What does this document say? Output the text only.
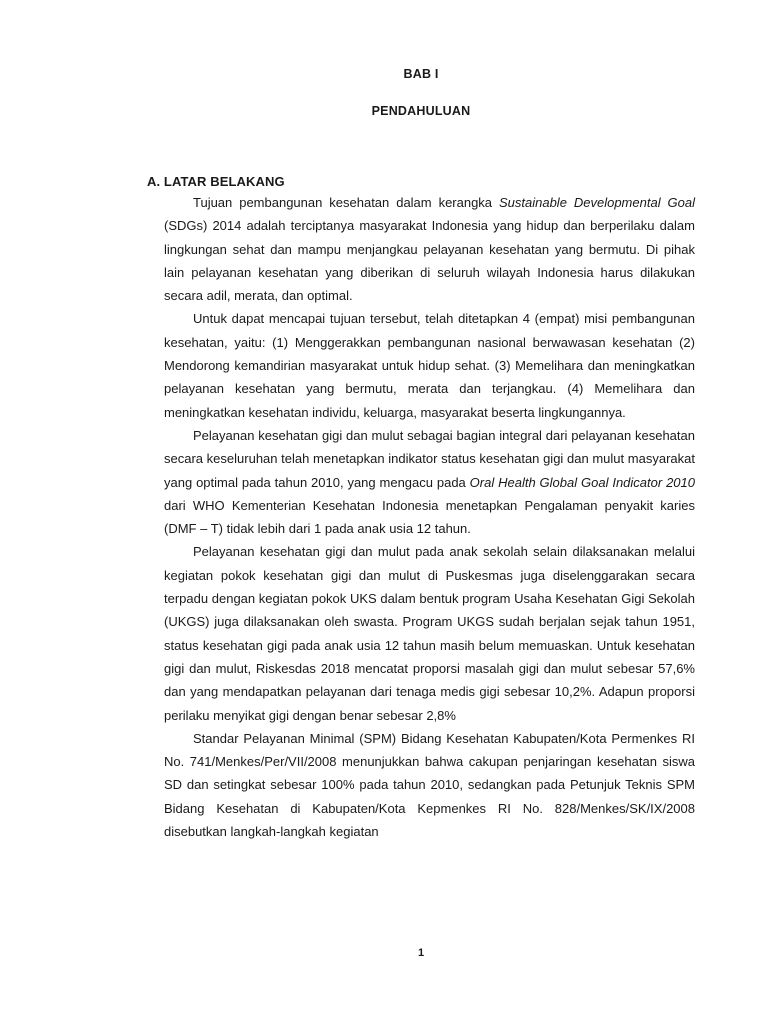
BAB I
PENDAHULUAN
A. LATAR BELAKANG

Tujuan pembangunan kesehatan dalam kerangka Sustainable Developmental Goal (SDGs) 2014 adalah terciptanya masyarakat Indonesia yang hidup dan berperilaku dalam lingkungan sehat dan mampu menjangkau pelayanan kesehatan yang bermutu. Di pihak lain pelayanan kesehatan yang diberikan di seluruh wilayah Indonesia harus dilakukan secara adil, merata, dan optimal.

Untuk dapat mencapai tujuan tersebut, telah ditetapkan 4 (empat) misi pembangunan kesehatan, yaitu: (1) Menggerakkan pembangunan nasional berwawasan kesehatan (2) Mendorong kemandirian masyarakat untuk hidup sehat. (3) Memelihara dan meningkatkan pelayanan kesehatan yang bermutu, merata dan terjangkau. (4) Memelihara dan meningkatkan kesehatan individu, keluarga, masyarakat beserta lingkungannya.

Pelayanan kesehatan gigi dan mulut sebagai bagian integral dari pelayanan kesehatan secara keseluruhan telah menetapkan indikator status kesehatan gigi dan mulut masyarakat yang optimal pada tahun 2010, yang mengacu pada Oral Health Global Goal Indicator 2010 dari WHO Kementerian Kesehatan Indonesia menetapkan Pengalaman penyakit karies (DMF – T) tidak lebih dari 1 pada anak usia 12 tahun.

Pelayanan kesehatan gigi dan mulut pada anak sekolah selain dilaksanakan melalui kegiatan pokok kesehatan gigi dan mulut di Puskesmas juga diselenggarakan secara terpadu dengan kegiatan pokok UKS dalam bentuk program Usaha Kesehatan Gigi Sekolah (UKGS) juga dilaksanakan oleh swasta. Program UKGS sudah berjalan sejak tahun 1951, status kesehatan gigi pada anak usia 12 tahun masih belum memuaskan. Untuk kesehatan gigi dan mulut, Riskesdas 2018 mencatat proporsi masalah gigi dan mulut sebesar 57,6% dan yang mendapatkan pelayanan dari tenaga medis gigi sebesar 10,2%. Adapun proporsi perilaku menyikat gigi dengan benar sebesar 2,8%

Standar Pelayanan Minimal (SPM) Bidang Kesehatan Kabupaten/Kota Permenkes RI No. 741/Menkes/Per/VII/2008 menunjukkan bahwa cakupan penjaringan kesehatan siswa SD dan setingkat sebesar 100% pada tahun 2010, sedangkan pada Petunjuk Teknis SPM Bidang Kesehatan di Kabupaten/Kota Kepmenkes RI No. 828/Menkes/SK/IX/2008 disebutkan langkah-langkah kegiatan

1
